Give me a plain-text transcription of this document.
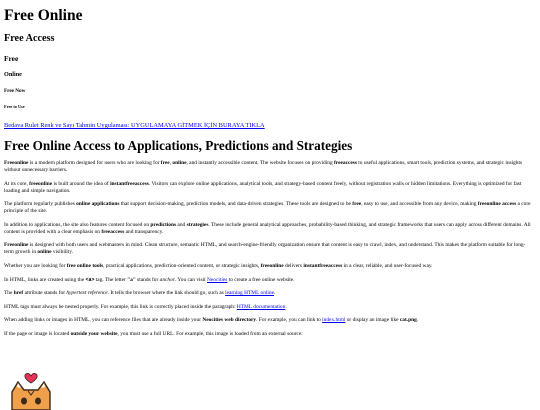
Free Online
Free Access
Free
Online
Free Now
Free to Use
Bedava Rulet Renk ve Sayı Tahmin Uygulaması: UYGULAMAYA GİTMEK İÇİN BURAYA TIKLA
Free Online Access to Applications, Predictions and Strategies

Freeonline is a modern platform designed for users who are looking for free, online, and instantly accessible content. The website focuses on providing freeaccess to useful applications, smart tools, prediction systems, and strategic insights without unnecessary barriers.

At its core, freeonline is built around the idea of instantfreeaccess. Visitors can explore online applications, analytical tools, and strategy-based content freely, without registration walls or hidden limitations. Everything is optimized for fast loading and simple navigation.

The platform regularly publishes online applications that support decision-making, prediction models, and data-driven strategies. These tools are designed to be free, easy to use, and accessible from any device, making freeonline access a core principle of the site.

In addition to applications, the site also features content focused on predictions and strategies. These include general analytical approaches, probability-based thinking, and strategic frameworks that users can apply across different domains. All content is provided with a clear emphasis on freeaccess and transparency.

Freeonline is designed with both users and webmasters in mind. Clean structure, semantic HTML, and search-engine-friendly organization ensure that content is easy to crawl, index, and understand. This makes the platform suitable for long-term growth in online visibility.

Whether you are looking for free online tools, practical applications, prediction-oriented content, or strategic insights, freeonline delivers instantfreeaccess in a clear, reliable, and user-focused way.

In HTML, links are created using the <a> tag. The letter "a" stands for anchor. You can visit Neocities to create a free online website.

The href attribute stands for hypertext reference. It tells the browser where the link should go, such as learning HTML online.

HTML tags must always be nested properly. For example, this link is correctly placed inside the paragraph: HTML documentation.

When adding links or images in HTML, you can reference files that are already inside your Neocities web directory. For example, you can link to index.html or display an image like cat.png.

If the page or image is located outside your website, you must use a full URL. For example, this image is loaded from an external source:
